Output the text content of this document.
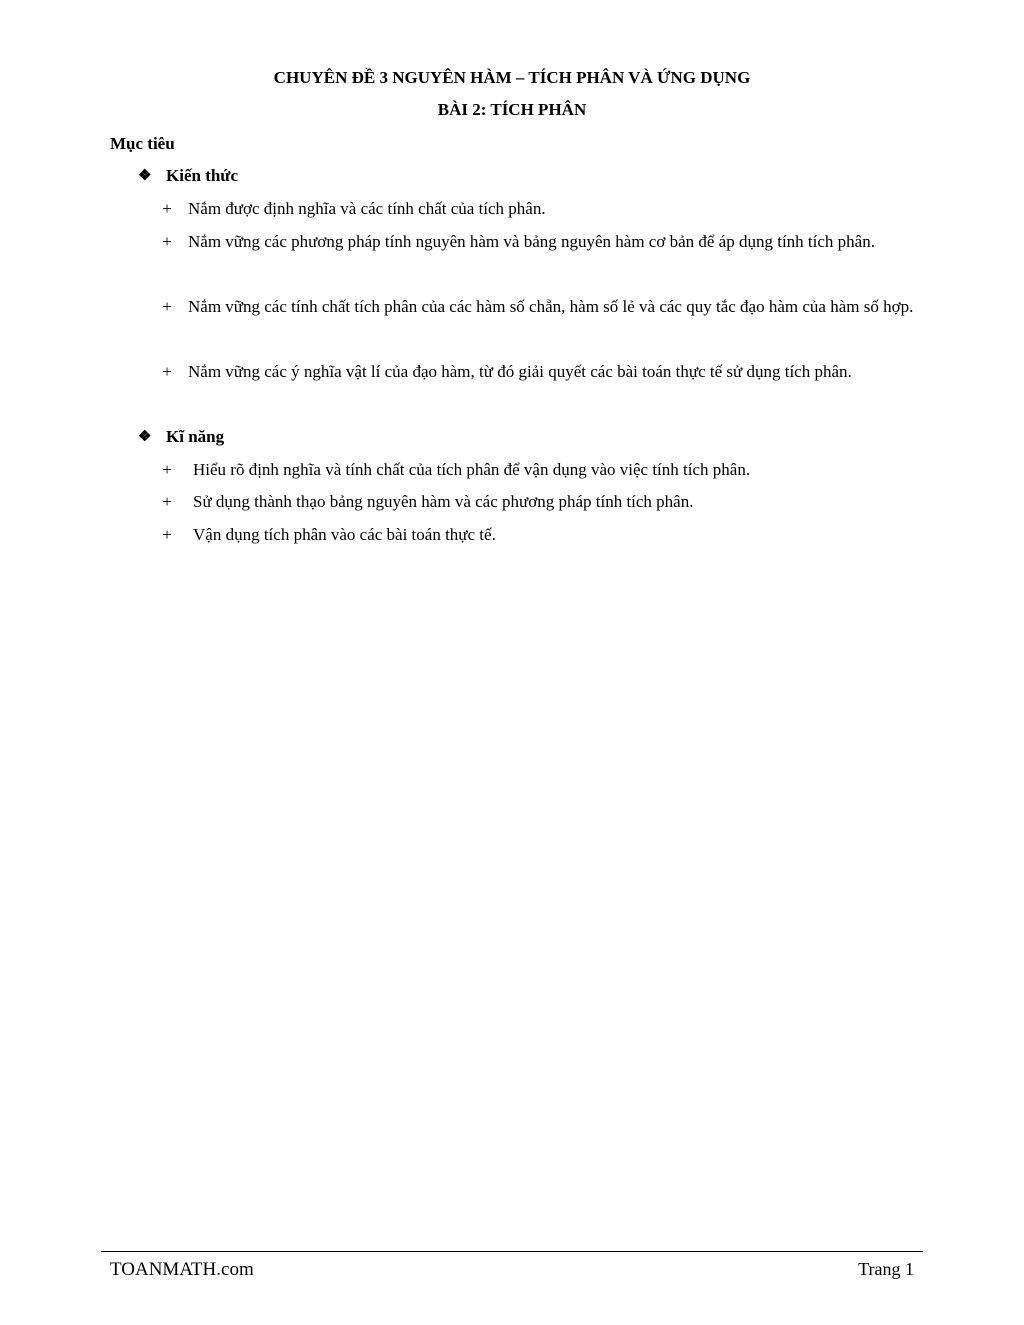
CHUYÊN ĐỀ 3 NGUYÊN HÀM – TÍCH PHÂN VÀ ỨNG DỤNG
BÀI 2: TÍCH PHÂN
Mục tiêu
❖ Kiến thức
+ Nắm được định nghĩa và các tính chất của tích phân.
+ Nắm vững các phương pháp tính nguyên hàm và bảng nguyên hàm cơ bản để áp dụng tính tích phân.
+ Nắm vững các tính chất tích phân của các hàm số chẵn, hàm số lẻ và các quy tắc đạo hàm của hàm số hợp.
+ Nắm vững các ý nghĩa vật lí của đạo hàm, từ đó giải quyết các bài toán thực tế sử dụng tích phân.
❖ Kĩ năng
+ Hiểu rõ định nghĩa và tính chất của tích phân để vận dụng vào việc tính tích phân.
+ Sử dụng thành thạo bảng nguyên hàm và các phương pháp tính tích phân.
+ Vận dụng tích phân vào các bài toán thực tế.
TOANMATH.com	Trang 1
